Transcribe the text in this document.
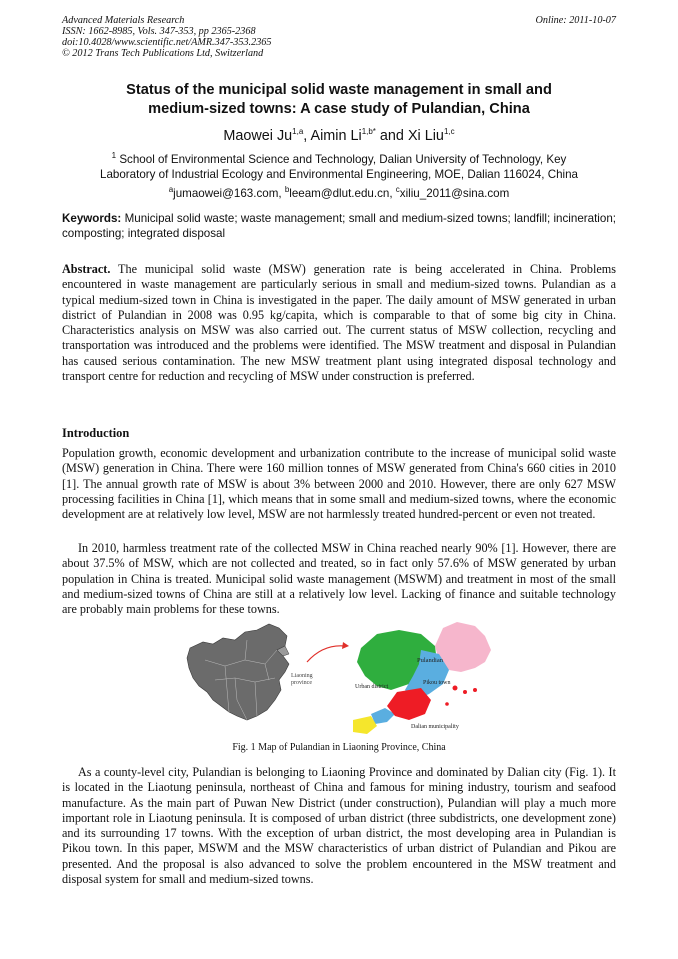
Advanced Materials Research
ISSN: 1662-8985, Vols. 347-353, pp 2365-2368
doi:10.4028/www.scientific.net/AMR.347-353.2365
© 2012 Trans Tech Publications Ltd, Switzerland
Online: 2011-10-07
Status of the municipal solid waste management in small and
medium-sized towns: A case study of Pulandian, China
Maowei Ju$^{1,a}$, Aimin $Li^{1,b*}$ and Xi Liu$^{1,c}$
$^1$ School of Environmental Science and Technology, Dalian University of Technology, Key
Laboratory of Industrial Ecology and Environmental Engineering, MOE, Dalian 116024, China
$^a$jumaowei@163.com, $^b$leeam@dlut.edu.cn, $^c$xiliu_2011@sina.com
Keywords: Municipal solid waste; waste management; small and medium-sized towns; landfill; incineration; composting; integrated disposal
Abstract. The municipal solid waste (MSW) generation rate is being accelerated in China. Problems encountered in waste management are particularly serious in small and medium-sized towns. Pulandian as a typical medium-sized town in China is investigated in the paper. The daily amount of MSW generated in urban district of Pulandian in 2008 was 0.95 kg/capita, which is comparable to that of some big city in China. Characteristics analysis on MSW was also carried out. The current status of MSW collection, recycling and transportation was introduced and the problems were identified. The MSW treatment and disposal in Pulandian has caused serious contamination. The new MSW treatment plant using integrated disposal technology and transport centre for reduction and recycling of MSW under construction is preferred.
Introduction
Population growth, economic development and urbanization contribute to the increase of municipal solid waste (MSW) generation in China. There were 160 million tonnes of MSW generated from China's 660 cities in 2010 [1]. The annual growth rate of MSW is about 3% between 2000 and 2010. However, there are only 627 MSW processing facilities in China [1], which means that in some small and medium-sized towns, where the economic development are at relatively low level, MSW are not harmlessly treated hundred-percent or even not treated.
In 2010, harmless treatment rate of the collected MSW in China reached nearly 90% [1]. However, there are about 37.5% of MSW, which are not collected and treated, so in fact only 57.6% of MSW generated by urban population in China is treated. Municipal solid waste management (MSWM) and treatment in most of the small and medium-sized towns of China are still at a relatively low level. Lacking of finance and suitable technology are probably main problems for these towns.
Liaoning
province
Pulandian
Pikou town
Urban district
Dalian municipality
Fig. 1 Map of Pulandian in Liaoning Province, China
As a county-level city, Pulandian is belonging to Liaoning Province and dominated by Dalian city (Fig. 1). It is located in the Liaotung peninsula, northeast of China and famous for mining industry, tourism and seafood manufacture. As the main part of Puwan New District (under construction), Pulandian will play a much more important role in Liaotung peninsula. It is composed of urban district (three subdistricts, one development zone) and its surrounding 17 towns. With the exception of urban district, the most developing area in Pulandian is Pikou town. In this paper, MSWM and the MSW characteristics of urban district of Pulandian and Pikou are presented. And the proposal is also advanced to solve the problem encountered in the MSW treatment and disposal system for small and medium-sized towns.
